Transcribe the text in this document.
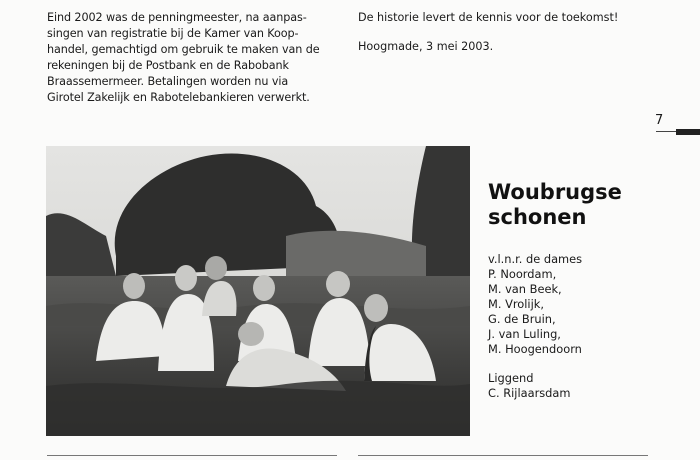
Eind 2002 was de penningmeester, na aanpas-

singen van registratie bij de Kamer van Koop-

handel, gemachtigd om gebruik te maken van de

rekeningen bij de Postbank en de Rabobank

Braassemermeer. Betalingen worden nu via

Girotel Zakelijk en Rabotelebankieren verwerkt.

De historie levert de kennis voor de toekomst!

Hoogmade, 3 mei 2003.

7
Woubrugse
schonen
v.l.n.r. de dames
P. Noordam,
M. van Beek,
M. Vrolijk,
G. de Bruin,
J. van Luling,
M. Hoogendoorn
Liggend
C. Rijlaarsdam
